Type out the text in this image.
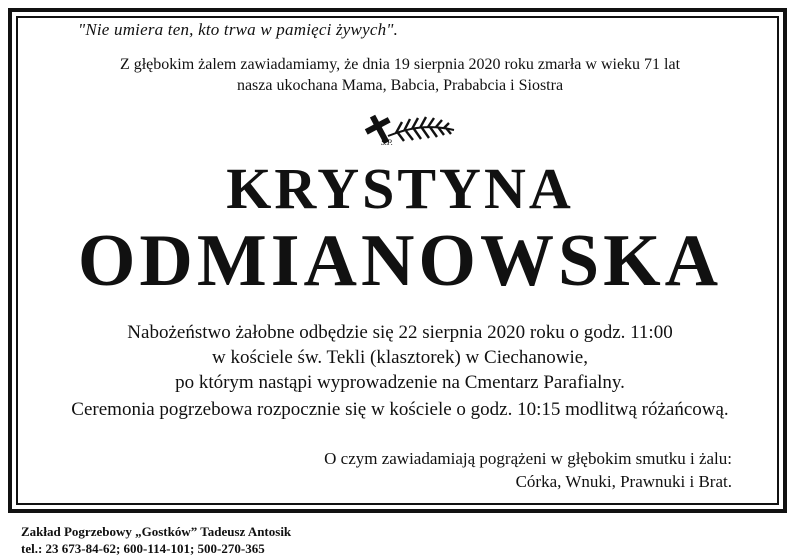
"Nie umiera ten, kto trwa w pamięci żywych".
Z głębokim żalem zawiadamiamy, że dnia 19 sierpnia 2020 roku zmarła w wieku 71 lat
nasza ukochana Mama, Babcia, Prababcia i Siostra
Ś.P.
KRYSTYNA
ODMIANOWSKA
Nabożeństwo żałobne odbędzie się 22 sierpnia 2020 roku o godz. 11:00
w kościele św. Tekli (klasztorek) w Ciechanowie,
po którym nastąpi wyprowadzenie na Cmentarz Parafialny.
Ceremonia pogrzebowa rozpocznie się w kościele o godz. 10:15 modlitwą różańcową.
O czym zawiadamiają pogrążeni w głębokim smutku i żalu:
Córka, Wnuki, Prawnuki i Brat.
Zakład Pogrzebowy „Gostków” Tadeusz Antosik
tel.: 23 673-84-62; 600-114-101; 500-270-365
